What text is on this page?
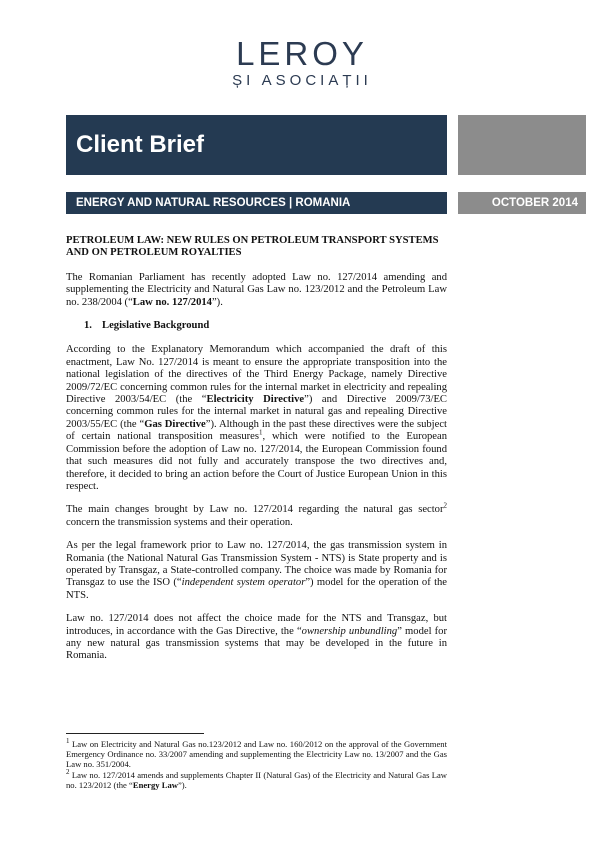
LEROY
ȘI ASOCIAȚII
Client Brief
ENERGY AND NATURAL RESOURCES | ROMANIA	OCTOBER 2014

PETROLEUM LAW: NEW RULES ON PETROLEUM TRANSPORT SYSTEMS AND ON PETROLEUM ROYALTIES

The Romanian Parliament has recently adopted Law no. 127/2014 amending and supplementing the Electricity and Natural Gas Law no. 123/2012 and the Petroleum Law no. 238/2004 (“Law no. 127/2014”).

1. Legislative Background

According to the Explanatory Memorandum which accompanied the draft of this enactment, Law No. 127/2014 is meant to ensure the appropriate transposition into the national legislation of the directives of the Third Energy Package, namely Directive 2009/72/EC concerning common rules for the internal market in electricity and repealing Directive 2003/54/EC (the “Electricity Directive”) and Directive 2009/73/EC concerning common rules for the internal market in natural gas and repealing Directive 2003/55/EC (the “Gas Directive”). Although in the past these directives were the subject of certain national transposition measures$^1$, which were notified to the European Commission before the adoption of Law no. 127/2014, the European Commission found that such measures did not fully and accurately transpose the two directives and, therefore, it decided to bring an action before the Court of Justice European Union in this respect.

The main changes brought by Law no. 127/2014 regarding the natural gas sector$^2$ concern the transmission systems and their operation.

As per the legal framework prior to Law no. 127/2014, the gas transmission system in Romania (the National Natural Gas Transmission System - NTS) is State property and is operated by Transgaz, a State-controlled company. The choice was made by Romania for Transgaz to use the ISO (“independent system operator”) model for the operation of the NTS.

Law no. 127/2014 does not affect the choice made for the NTS and Transgaz, but introduces, in accordance with the Gas Directive, the “ownership unbundling” model for any new natural gas transmission systems that may be developed in the future in Romania.

$^1$ Law on Electricity and Natural Gas no.123/2012 and Law no. 160/2012 on the approval of the Government Emergency Ordinance no. 33/2007 amending and supplementing the Electricity Law no. 13/2007 and the Gas Law no. 351/2004.

$^2$ Law no. 127/2014 amends and supplements Chapter II (Natural Gas) of the Electricity and Natural Gas Law no. 123/2012 (the “Energy Law”).
